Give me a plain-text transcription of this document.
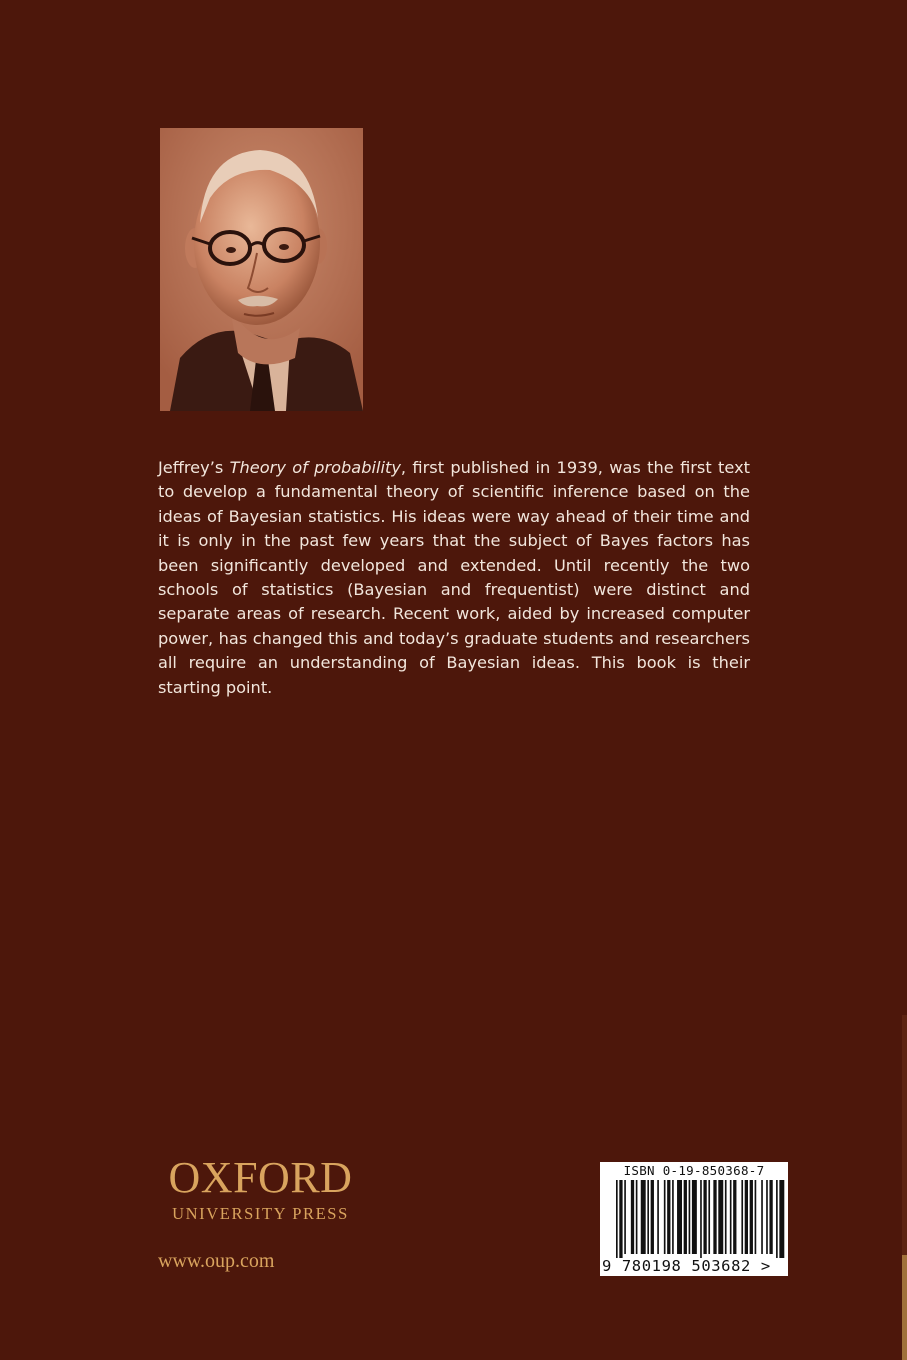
Jeffrey’s Theory of probability, first published in 1939, was the first text to develop a fundamental theory of scientific inference based on the ideas of Bayesian statistics. His ideas were way ahead of their time and it is only in the past few years that the subject of Bayes factors has been significantly developed and extended. Until recently the two schools of statistics (Bayesian and frequentist) were distinct and separate areas of research. Recent work, aided by increased computer power, has changed this and today’s graduate students and researchers all require an understanding of Bayesian ideas. This book is their starting point.

OXFORD
UNIVERSITY PRESS
www.oup.com
ISBN 0-19-850368-7
9 780198 503682 >
